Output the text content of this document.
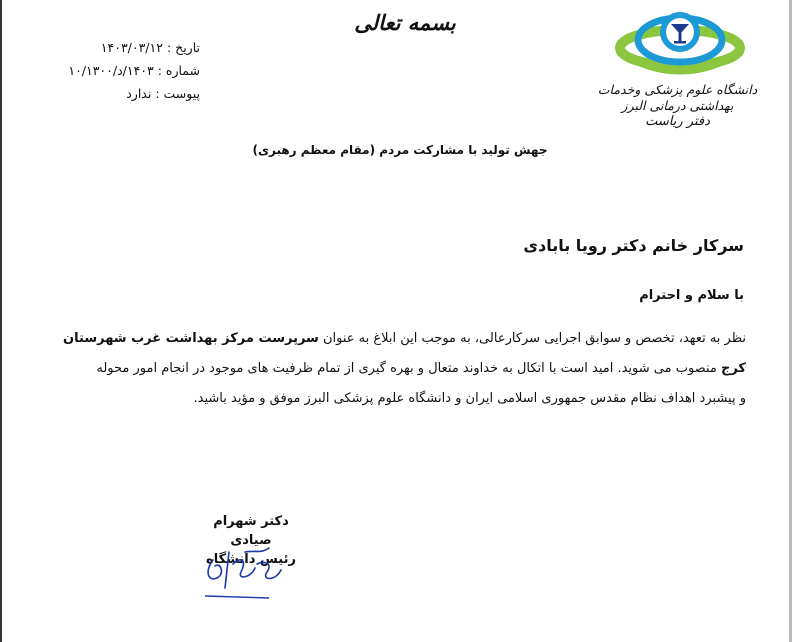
دانشگاه علوم پزشکی وخدمات بهداشتی درمانی البرز
دفتر ریاست
بسمه تعالی
تاریخ :
۱۴۰۳/۰۳/۱۲
شماره :
۱۴۰۳/د/۱۰/۱۳۰۰
پیوست :
ندارد
جهش تولید با مشارکت مردم (مقام معظم رهبری)
سرکار خانم دکتر رویا بابادی
با سلام و احترام
نظر به تعهد، تخصص و سوابق اجرایی سرکارعالی، به موجب این ابلاغ به عنوان سرپرست مرکز بهداشت غرب شهرستان
کرج منصوب می شوید. امید است با اتکال به خداوند متعال و بهره گیری از تمام ظرفیت های موجود در انجام امور محوله
و پیشبرد اهداف نظام مقدس جمهوری اسلامی ایران و دانشگاه علوم پزشکی البرز موفق و مؤید باشید.
دکتر شهرام صیادی
رئیس دانشگاه
